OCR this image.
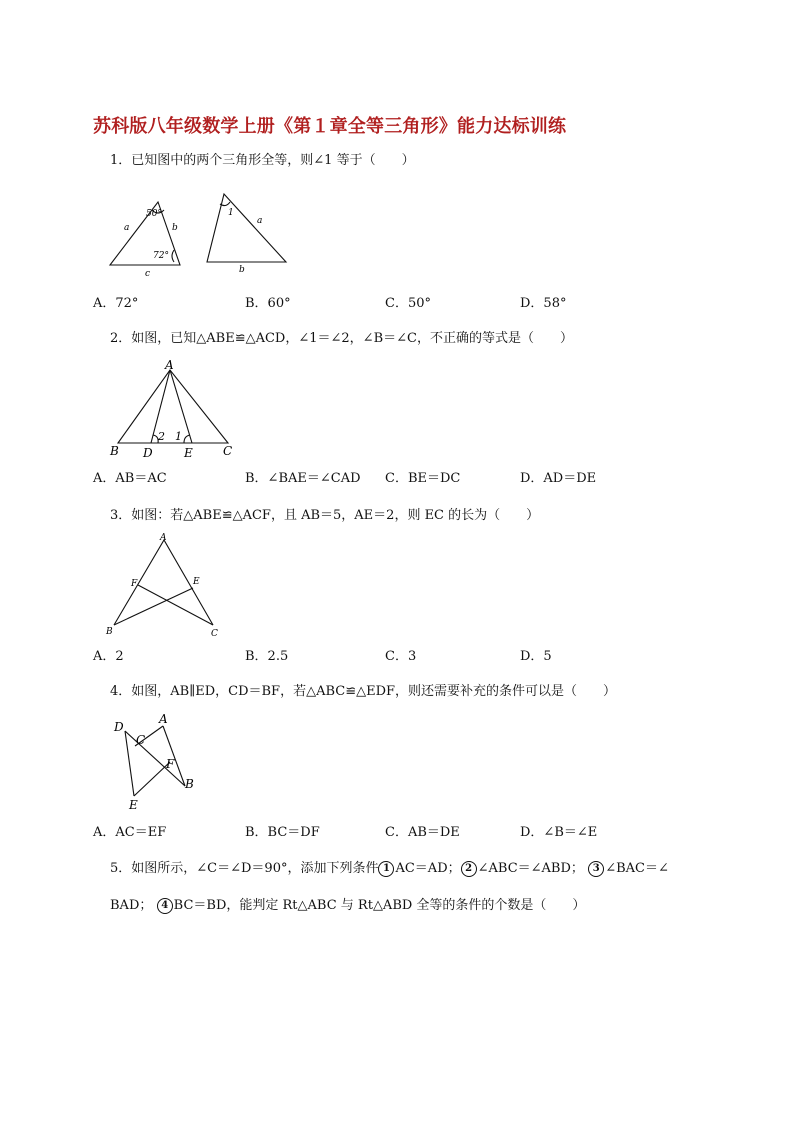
苏科版八年级数学上册《第１章全等三角形》能力达标训练
1．已知图中的两个三角形全等，则∠1 等于（　　）
50°
72°
a	b
c
1
a
b
A．72°	B．60°	C．50°	D．58°
2．如图，已知△ABE≌△ACD，∠1＝∠2，∠B＝∠C，不正确的等式是（　　）
A
B	C
D	E
2 1
A．AB＝AC	B．∠BAE＝∠CAD C．BE＝DC	D．AD＝DE
3．如图：若△ABE≌△ACF，且 AB＝5，AE＝2，则 EC 的长为（　　）
A
B	C
E
F
A．2	B．2.5	C．3	D．5
4．如图，AB∥ED，CD＝BF，若△ABC≌△EDF，则还需要补充的条件可以是（　　）
D
A
C
F
B
E
A．AC＝EF	B．BC＝DF	C．AB＝DE	D．∠B＝∠E
5．如图所示，∠C＝∠D＝90°，添加下列条件 1 AC＝AD； 2 ∠ABC＝∠ABD；  3 ∠BAC＝∠
BAD；  4 BC＝BD，能判定 Rt△ABC 与 Rt△ABD 全等的条件的个数是（　　）
